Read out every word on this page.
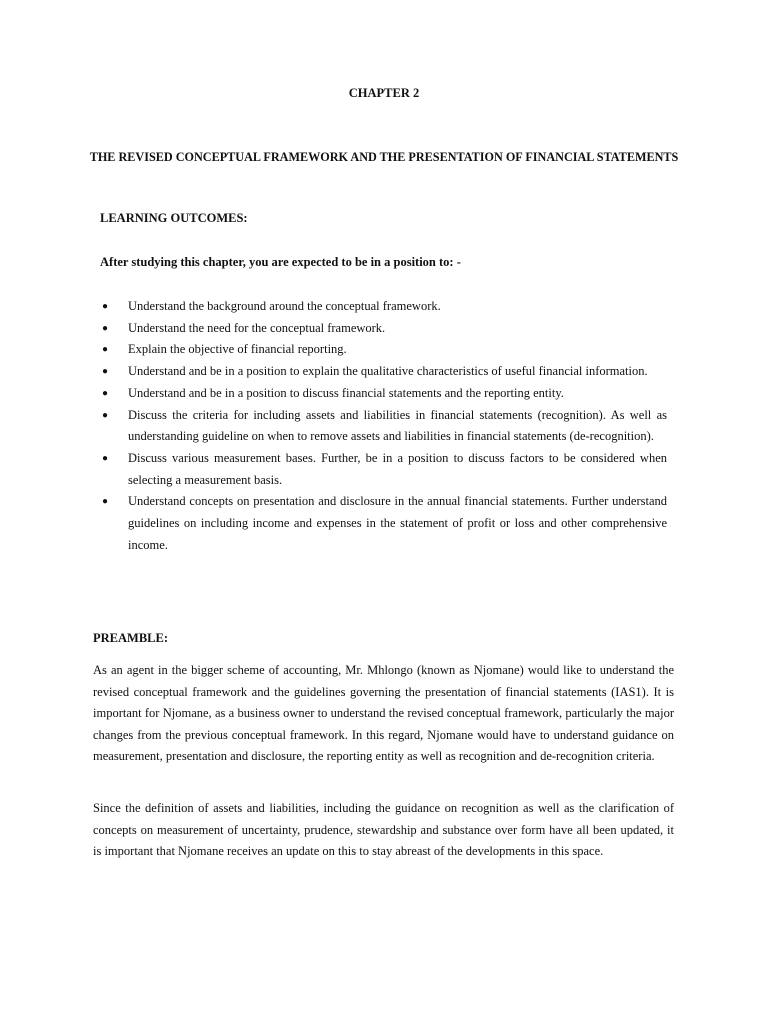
CHAPTER 2
THE REVISED CONCEPTUAL FRAMEWORK AND THE PRESENTATION OF FINANCIAL STATEMENTS
LEARNING OUTCOMES:

After studying this chapter, you are expected to be in a position to: -

● Understand the background around the conceptual framework.
● Understand the need for the conceptual framework.
● Explain the objective of financial reporting.
● Understand and be in a position to explain the qualitative characteristics of useful financial information.
● Understand and be in a position to discuss financial statements and the reporting entity.
● Discuss the criteria for including assets and liabilities in financial statements (recognition). As well as understanding guideline on when to remove assets and liabilities in financial statements (de-recognition).
● Discuss various measurement bases. Further, be in a position to discuss factors to be considered when selecting a measurement basis.
● Understand concepts on presentation and disclosure in the annual financial statements. Further understand guidelines on including income and expenses in the statement of profit or loss and other comprehensive income.
PREAMBLE:

As an agent in the bigger scheme of accounting, Mr. Mhlongo (known as Njomane) would like to understand the revised conceptual framework and the guidelines governing the presentation of financial statements (IAS1). It is important for Njomane, as a business owner to understand the revised conceptual framework, particularly the major changes from the previous conceptual framework. In this regard, Njomane would have to understand guidance on measurement, presentation and disclosure, the reporting entity as well as recognition and de-recognition criteria.

Since the definition of assets and liabilities, including the guidance on recognition as well as the clarification of concepts on measurement of uncertainty, prudence, stewardship and substance over form have all been updated, it is important that Njomane receives an update on this to stay abreast of the developments in this space.
